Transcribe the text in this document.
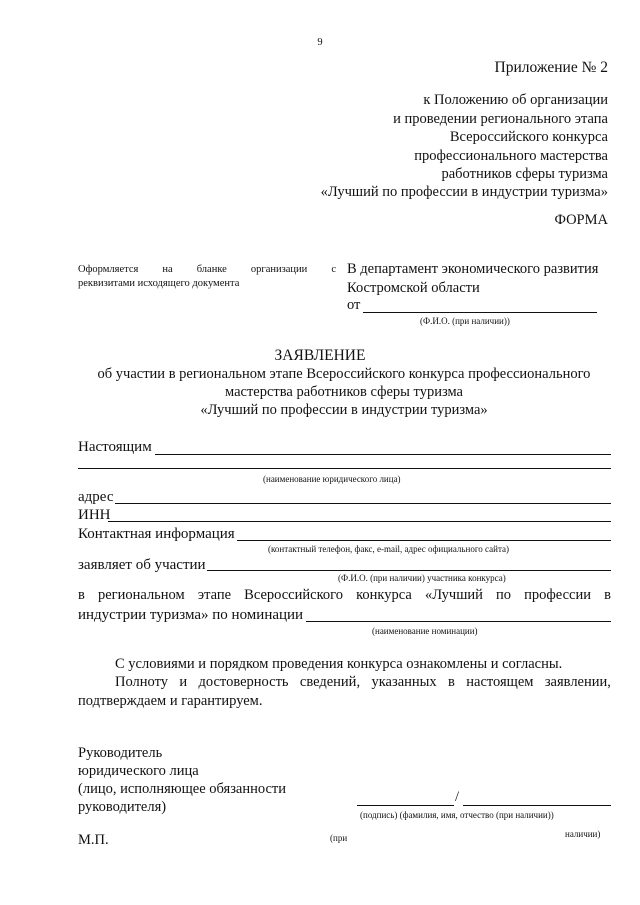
9
Приложение № 2
к Положению об организации
и проведении регионального этапа
Всероссийского конкурса
профессионального мастерства
работников сферы туризма
«Лучший по профессии в индустрии туризма»
ФОРМА
Оформляется на бланке организации с
реквизитами исходящего документа
В департамент экономического развития
Костромской области
от
(Ф.И.О. (при наличии))
ЗАЯВЛЕНИЕ
об участии в региональном этапе Всероссийского конкурса профессионального
мастерства работников сферы туризма
«Лучший по профессии в индустрии туризма»
Настоящим
(наименование юридического лица)
адрес
ИНН
Контактная информация
(контактный телефон, факс, e-mail, адрес официального сайта)
заявляет об участии
(Ф.И.О. (при наличии) участника конкурса)
в региональном этапе Всероссийского конкурса «Лучший по профессии в
индустрии туризма» по номинации
(наименование номинации)
С условиями и порядком проведения конкурса ознакомлены и согласны.
Полноту и достоверность сведений, указанных в настоящем заявлении,
подтверждаем и гарантируем.
Руководитель
юридического лица
(лицо, исполняющее обязанности
руководителя)
/
(подпись) (фамилия, имя, отчество (при наличии))
М.П.	(при	наличии)
